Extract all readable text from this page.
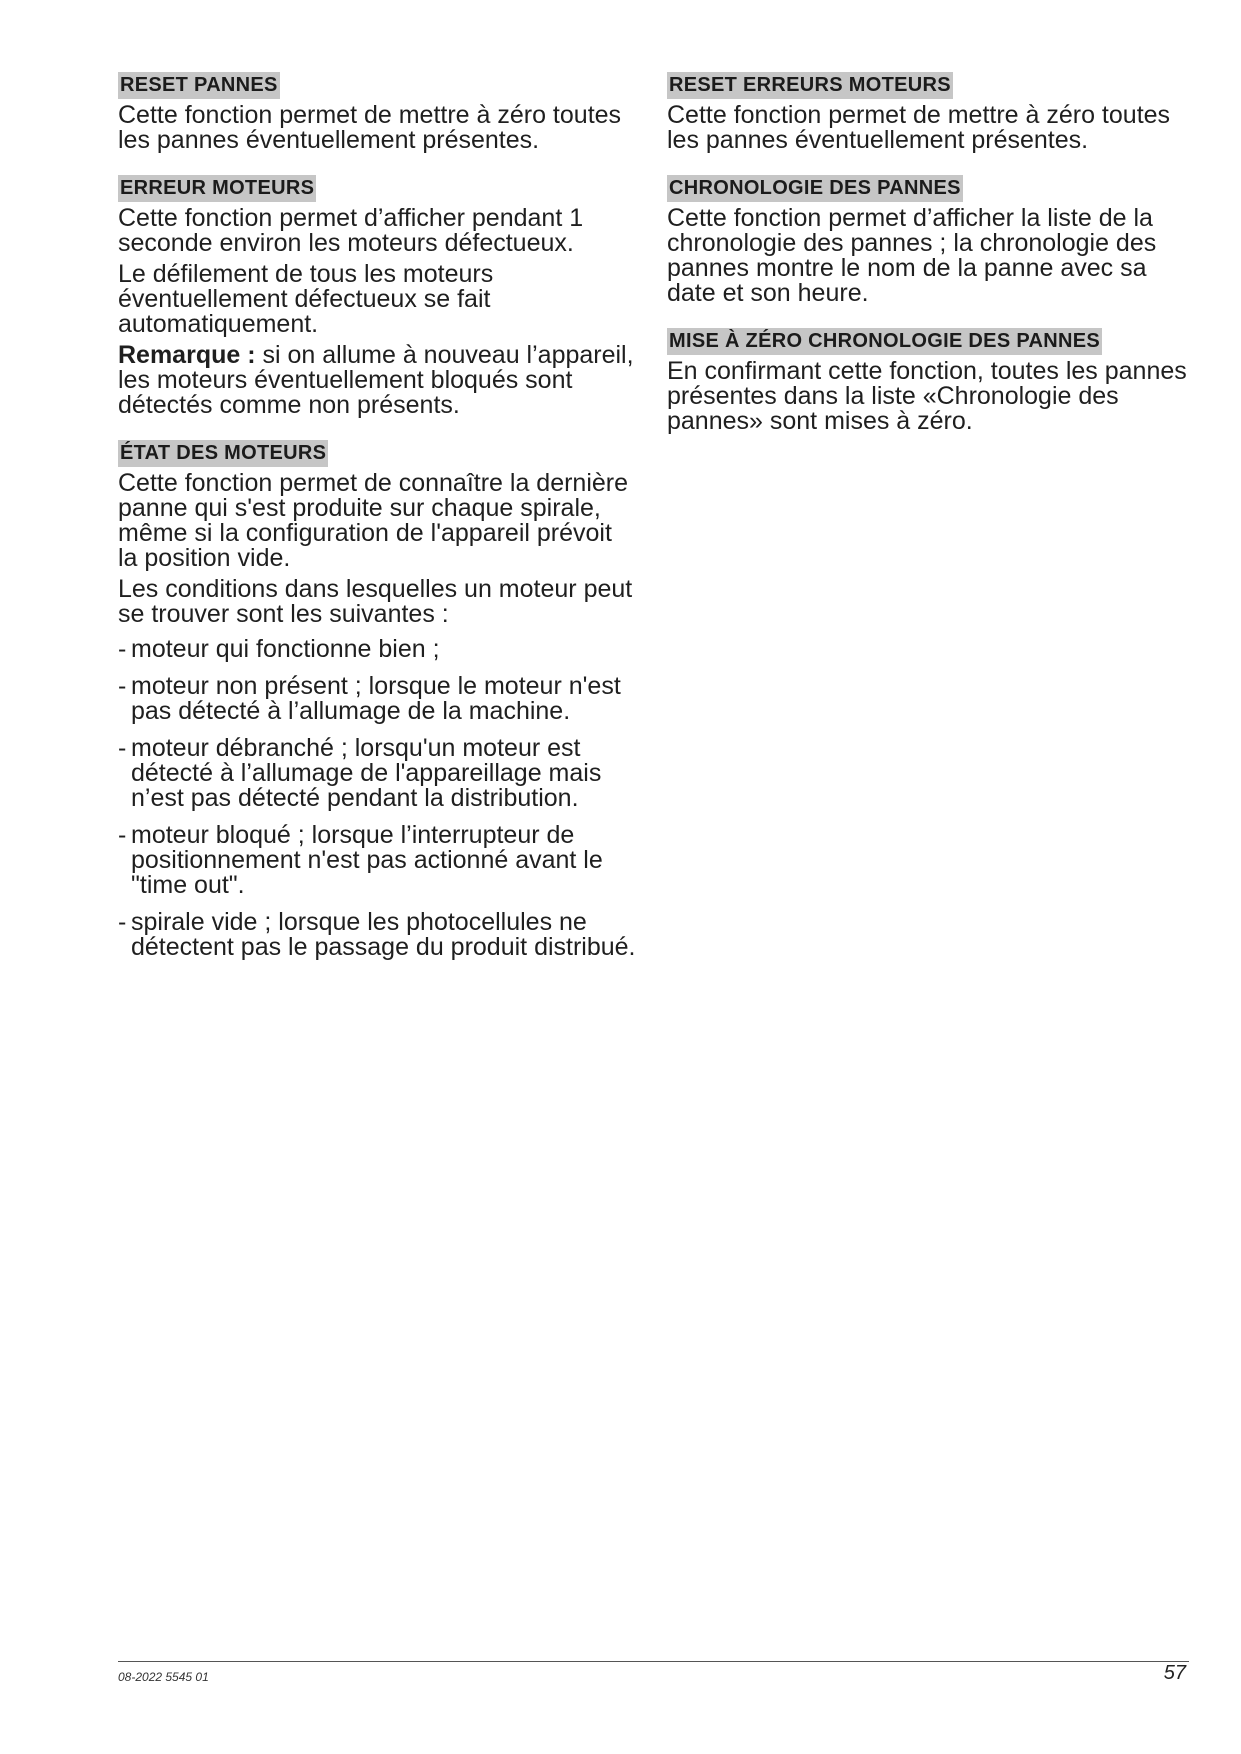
RESET PANNES

Cette fonction permet de mettre à zéro toutes les pannes éventuellement présentes.

ERREUR MOTEURS

Cette fonction permet d’afficher pendant 1 seconde environ les moteurs défectueux.

Le défilement de tous les moteurs éventuellement défectueux se fait automatiquement.

Remarque : si on allume à nouveau l’appareil, les moteurs éventuellement bloqués sont détectés comme non présents.

ÉTAT DES MOTEURS

Cette fonction permet de connaître la dernière panne qui s'est produite sur chaque spirale, même si la configuration de l'appareil prévoit la position vide.

Les conditions dans lesquelles un moteur peut se trouver sont les suivantes :

- moteur qui fonctionne bien ;
- moteur non présent ; lorsque le moteur n'est pas détecté à l’allumage de la machine.
- moteur débranché ; lorsqu'un moteur est détecté à l’allumage de l'appareillage mais n’est pas détecté pendant la distribution.
- moteur bloqué ; lorsque l’interrupteur de positionnement n'est pas actionné avant le "time out".
- spirale vide ; lorsque les photocellules ne détectent pas le passage du produit distribué.
RESET ERREURS MOTEURS

Cette fonction permet de mettre à zéro toutes les pannes éventuellement présentes.

CHRONOLOGIE DES PANNES

Cette fonction permet d’afficher la liste de la chronologie des pannes ; la chronologie des pannes montre le nom de la panne avec sa date et son heure.

MISE À ZÉRO CHRONOLOGIE DES PANNES

En confirmant cette fonction, toutes les pannes présentes dans la liste «Chronologie des pannes» sont mises à zéro.

08-2022 5545 01	57
